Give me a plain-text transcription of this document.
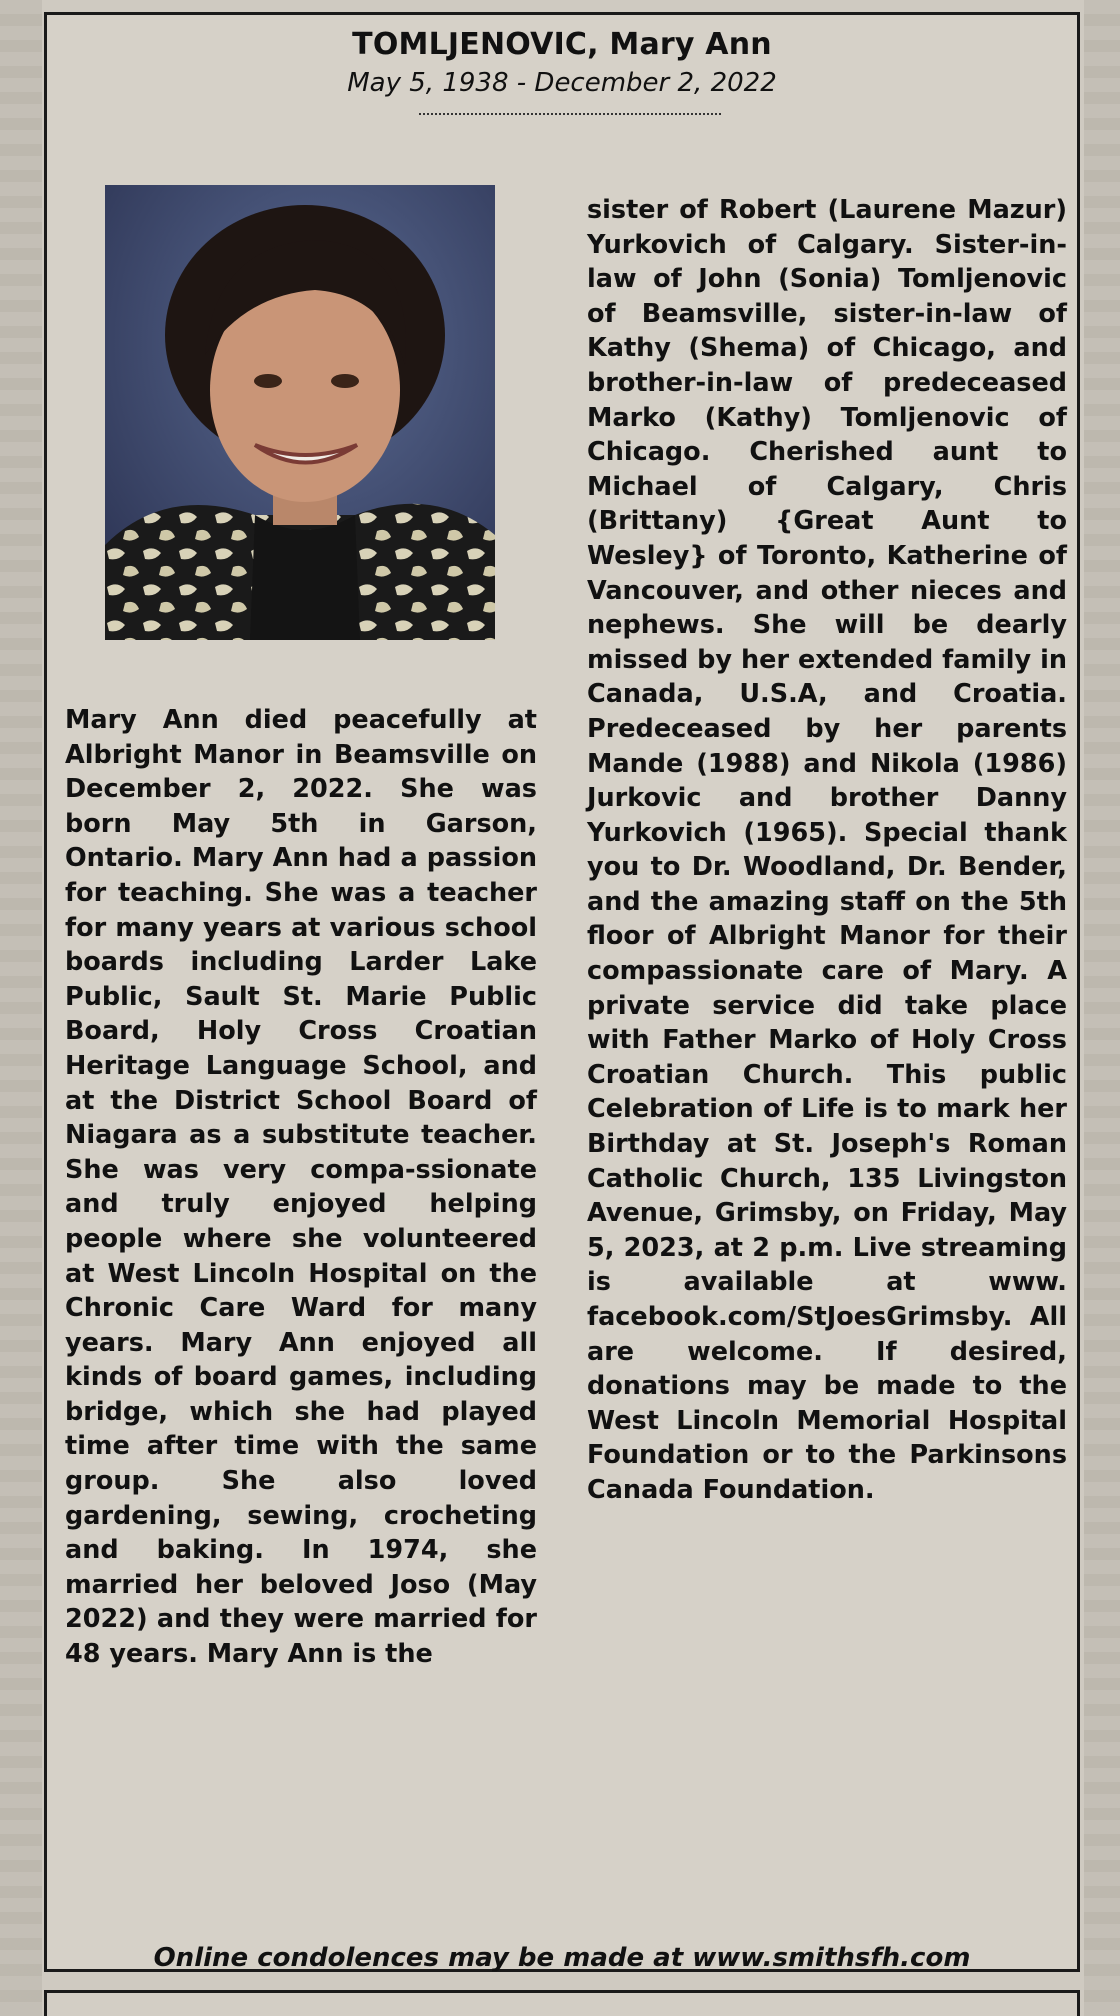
TOMLJENOVIC, Mary Ann
May 5, 1938 - December 2, 2022

Mary Ann died peacefully at Albright Manor in Beamsville on December 2, 2022. She was born May 5th in Garson, Ontario. Mary Ann had a passion for teaching. She was a teacher for many years at various school boards including Larder Lake Public, Sault St. Marie Public Board, Holy Cross Croatian Heritage Language School, and at the District School Board of Niagara as a substitute teacher. She was very compa-ssionate and truly enjoyed helping people where she volunteered at West Lincoln Hospital on the Chronic Care Ward for many years. Mary Ann enjoyed all kinds of board games, including bridge, which she had played time after time with the same group. She also loved gardening, sewing, crocheting and baking. In 1974, she married her beloved Joso (May 2022) and they were married for 48 years. Mary Ann is the

sister of Robert (Laurene Mazur) Yurkovich of Calgary. Sister-in-law of John (Sonia) Tomljenovic of Beamsville, sister-in-law of Kathy (Shema) of Chicago, and brother-in-law of predeceased Marko (Kathy) Tomljenovic of Chicago. Cherished aunt to Michael of Calgary, Chris (Brittany) {Great Aunt to Wesley} of Toronto, Katherine of Vancouver, and other nieces and nephews. She will be dearly missed by her extended family in Canada, U.S.A, and Croatia. Predeceased by her parents Mande (1988) and Nikola (1986) Jurkovic and brother Danny Yurkovich (1965). Special thank you to Dr. Woodland, Dr. Bender, and the amazing staff on the 5th floor of Albright Manor for their compassionate care of Mary. A private service did take place with Father Marko of Holy Cross Croatian Church. This public Celebration of Life is to mark her Birthday at St. Joseph's Roman Catholic Church, 135 Livingston Avenue, Grimsby, on Friday, May 5, 2023, at 2 p.m. Live streaming is available at www. facebook.com/StJoesGrimsby. All are welcome. If desired, donations may be made to the West Lincoln Memorial Hospital Foundation or to the Parkinsons Canada Foundation.

Online condolences may be made at www.smithsfh.com
